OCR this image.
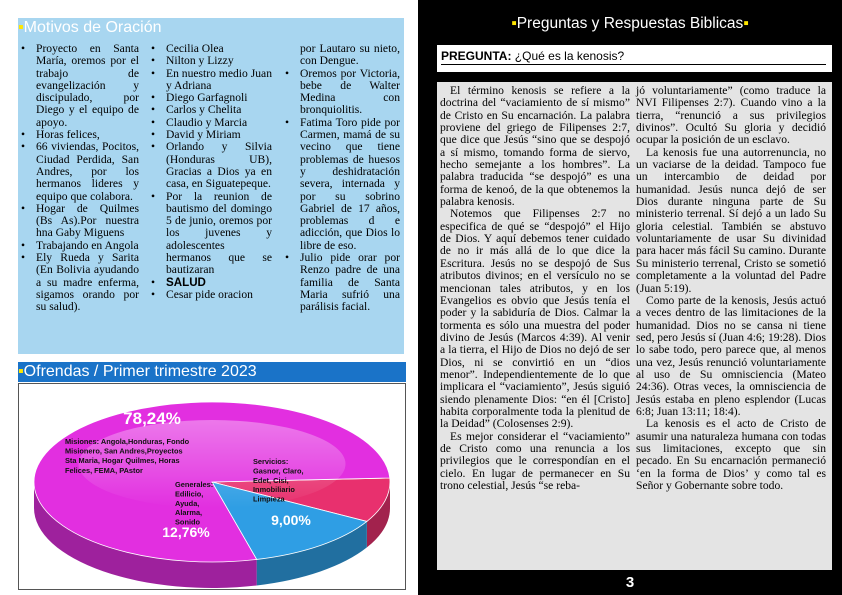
▪Motivos de Oración
• Proyecto en Santa María, oremos por el trabajo de evangelización y discipulado, por Diego y el equipo de apoyo.
• Horas felices,
• 66 viviendas, Pocitos, Ciudad Perdida, San Andres, por los hermanos lideres y equipo que colabora.
• Hogar de Quilmes (Bs As).Por nuestra hna Gaby Miguens
• Trabajando en Angola
• Ely Rueda y Sarita (En Bolivia ayudando a su madre enferma, sigamos orando por su salud).
• Cecilia Olea
• Nilton y Lizzy
• En nuestro medio Juan y Adriana
• Diego Garfagnoli
• Carlos y Chelita
• Claudio y Marcia
• David y Miriam
• Orlando y Silvia (Honduras UB), Gracias a Dios ya en casa, en Siguatepeque.
• Por la reunion de bautismo del domingo 5 de junio, oremos por los juvenes y adolescentes hermanos que se bautizaran
• SALUD
• Cesar pide oracion
por Lautaro su nieto, con Dengue.
• Oremos por Victoria, bebe de Walter Medina con bronquiolitis.
• Fatima Toro pide por Carmen, mamá de su vecino que tiene problemas de huesos y deshidratación severa, internada y por su sobrino Gabriel de 17 años, problemas d e adicción, que Dios lo libre de eso.
• Julio pide orar por Renzo padre de una familia de Santa Maria sufrió una parálisis facial.
▪Ofrendas / Primer trimestre 2023
78,24%
Misiones: Angola,Honduras, Fondo
Misionero, San Andres,Proyectos
Sta Maria, Hogar Quilmes, Horas
Felices, FEMA, PAstor
Servicios:
Gasnor, Claro,
Edet, Cisi,
Inmobiliario
Limpieza
9,00%
Generales:
Edilicio,
Ayuda,
Alarma,
Sonido
12,76%
▪Preguntas y Respuestas Biblicas▪
PREGUNTA: ¿Qué es la kenosis?

El término kenosis se refiere a la doctrina del “vaciamiento de sí mismo” de Cristo en Su encarnación. La palabra proviene del griego de Filipenses 2:7, que dice que Jesús “sino que se despojó a sí mismo, tomando forma de siervo, hecho semejante a los hombres”. La palabra traducida “se despojó” es una forma de kenoó, de la que obtenemos la palabra kenosis.

Notemos que Filipenses 2:7 no especifica de qué se “despojó” el Hijo de Dios. Y aquí debemos tener cuidado de no ir más allá de lo que dice la Escritura. Jesús no se despojó de Sus atributos divinos; en el versículo no se mencionan tales atributos, y en los Evangelios es obvio que Jesús tenía el poder y la sabiduría de Dios. Calmar la tormenta es sólo una muestra del poder divino de Jesús (Marcos 4:39). Al venir a la tierra, el Hijo de Dios no dejó de ser Dios, ni se convirtió en un “dios menor”. Independientemente de lo que implicara el “vaciamiento”, Jesús siguió siendo plenamente Dios: “en él [Cristo] habita corporalmente toda la plenitud de la Deidad” (Colosenses 2:9).

Es mejor considerar el “vaciamiento” de Cristo como una renuncia a los privilegios que le correspondían en el cielo. En lugar de permanecer en Su trono celestial, Jesús “se reba-

jó voluntariamente” (como traduce la NVI Filipenses 2:7). Cuando vino a la tierra, “renunció a sus privilegios divinos”. Ocultó Su gloria y decidió ocupar la posición de un esclavo.

La kenosis fue una autorrenuncia, no un vaciarse de la deidad. Tampoco fue un intercambio de deidad por humanidad. Jesús nunca dejó de ser Dios durante ninguna parte de Su ministerio terrenal. Sí dejó a un lado Su gloria celestial. También se abstuvo voluntariamente de usar Su divinidad para hacer más fácil Su camino. Durante Su ministerio terrenal, Cristo se sometió completamente a la voluntad del Padre (Juan 5:19).

Como parte de la kenosis, Jesús actuó a veces dentro de las limitaciones de la humanidad. Dios no se cansa ni tiene sed, pero Jesús sí (Juan 4:6; 19:28). Dios lo sabe todo, pero parece que, al menos una vez, Jesús renunció voluntariamente al uso de Su omnisciencia (Mateo 24:36). Otras veces, la omnisciencia de Jesús estaba en pleno esplendor (Lucas 6:8; Juan 13:11; 18:4).

La kenosis es el acto de Cristo de asumir una naturaleza humana con todas sus limitaciones, excepto que sin pecado. En Su encarnación permaneció ‘en la forma de Dios’ y como tal es Señor y Gobernante sobre todo.

3
